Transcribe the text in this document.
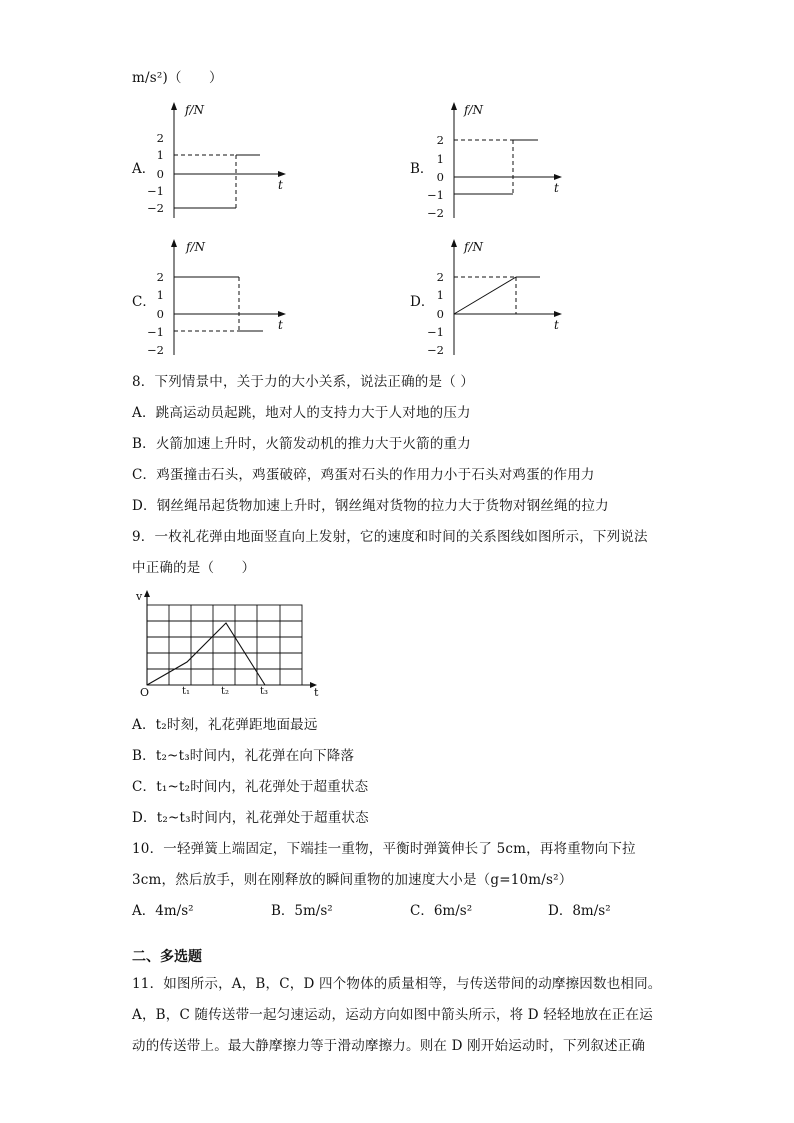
m/s²)（　　）
A．
f/N
t
2
1
0
−1
−2
B．
f/N
t
2
1
0
−1
−2
C．
f/N
t
2
1
0
−1
−2
D．
f/N
t
2
1
0
−1
−2
8．下列情景中，关于力的大小关系，说法正确的是（ ）
A．跳高运动员起跳，地对人的支持力大于人对地的压力
B．火箭加速上升时，火箭发动机的推力大于火箭的重力
C．鸡蛋撞击石头，鸡蛋破碎，鸡蛋对石头的作用力小于石头对鸡蛋的作用力
D．钢丝绳吊起货物加速上升时，钢丝绳对货物的拉力大于货物对钢丝绳的拉力
9．一枚礼花弹由地面竖直向上发射，它的速度和时间的关系图线如图所示，下列说法
中正确的是（　　）
v
t
O	t₁	t₂	t₃
A．t₂时刻，礼花弹距地面最远
B．t₂~t₃时间内，礼花弹在向下降落
C．t₁~t₂时间内，礼花弹处于超重状态
D．t₂~t₃时间内，礼花弹处于超重状态
10．一轻弹簧上端固定，下端挂一重物，平衡时弹簧伸长了 5cm，再将重物向下拉
3cm，然后放手，则在刚释放的瞬间重物的加速度大小是（g=10m/s²）
A．4m/s²	B．5m/s²	C．6m/s²	D．8m/s²
二、多选题
11．如图所示，A，B，C，D 四个物体的质量相等，与传送带间的动摩擦因数也相同。
A，B，C 随传送带一起匀速运动，运动方向如图中箭头所示，将 D 轻轻地放在正在运
动的传送带上。最大静摩擦力等于滑动摩擦力。则在 D 刚开始运动时，下列叙述正确
